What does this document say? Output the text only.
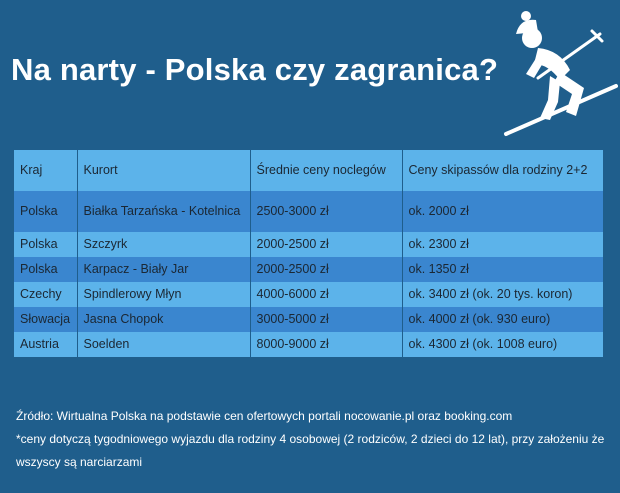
Na narty - Polska czy zagranica?
Kraj	Kurort	Średnie ceny noclegów	Ceny skipassów dla rodziny 2+2
Polska	Białka Tarzańska - Kotelnica	2500-3000 zł	ok. 2000 zł
Polska	Szczyrk	2000-2500 zł	ok. 2300 zł
Polska	Karpacz - Biały Jar	2000-2500 zł	ok. 1350 zł
Czechy	Spindlerowy Młyn	4000-6000 zł	ok. 3400 zł (ok. 20 tys. koron)
Słowacja	Jasna Chopok	3000-5000 zł	ok. 4000 zł (ok. 930 euro)
Austria	Soelden	8000-9000 zł	ok. 4300 zł (ok. 1008 euro)
Źródło: Wirtualna Polska na podstawie cen ofertowych portali nocowanie.pl oraz booking.com
*ceny dotyczą tygodniowego wyjazdu dla rodziny 4 osobowej (2 rodziców, 2 dzieci do 12 lat), przy założeniu że
wszyscy są narciarzami
